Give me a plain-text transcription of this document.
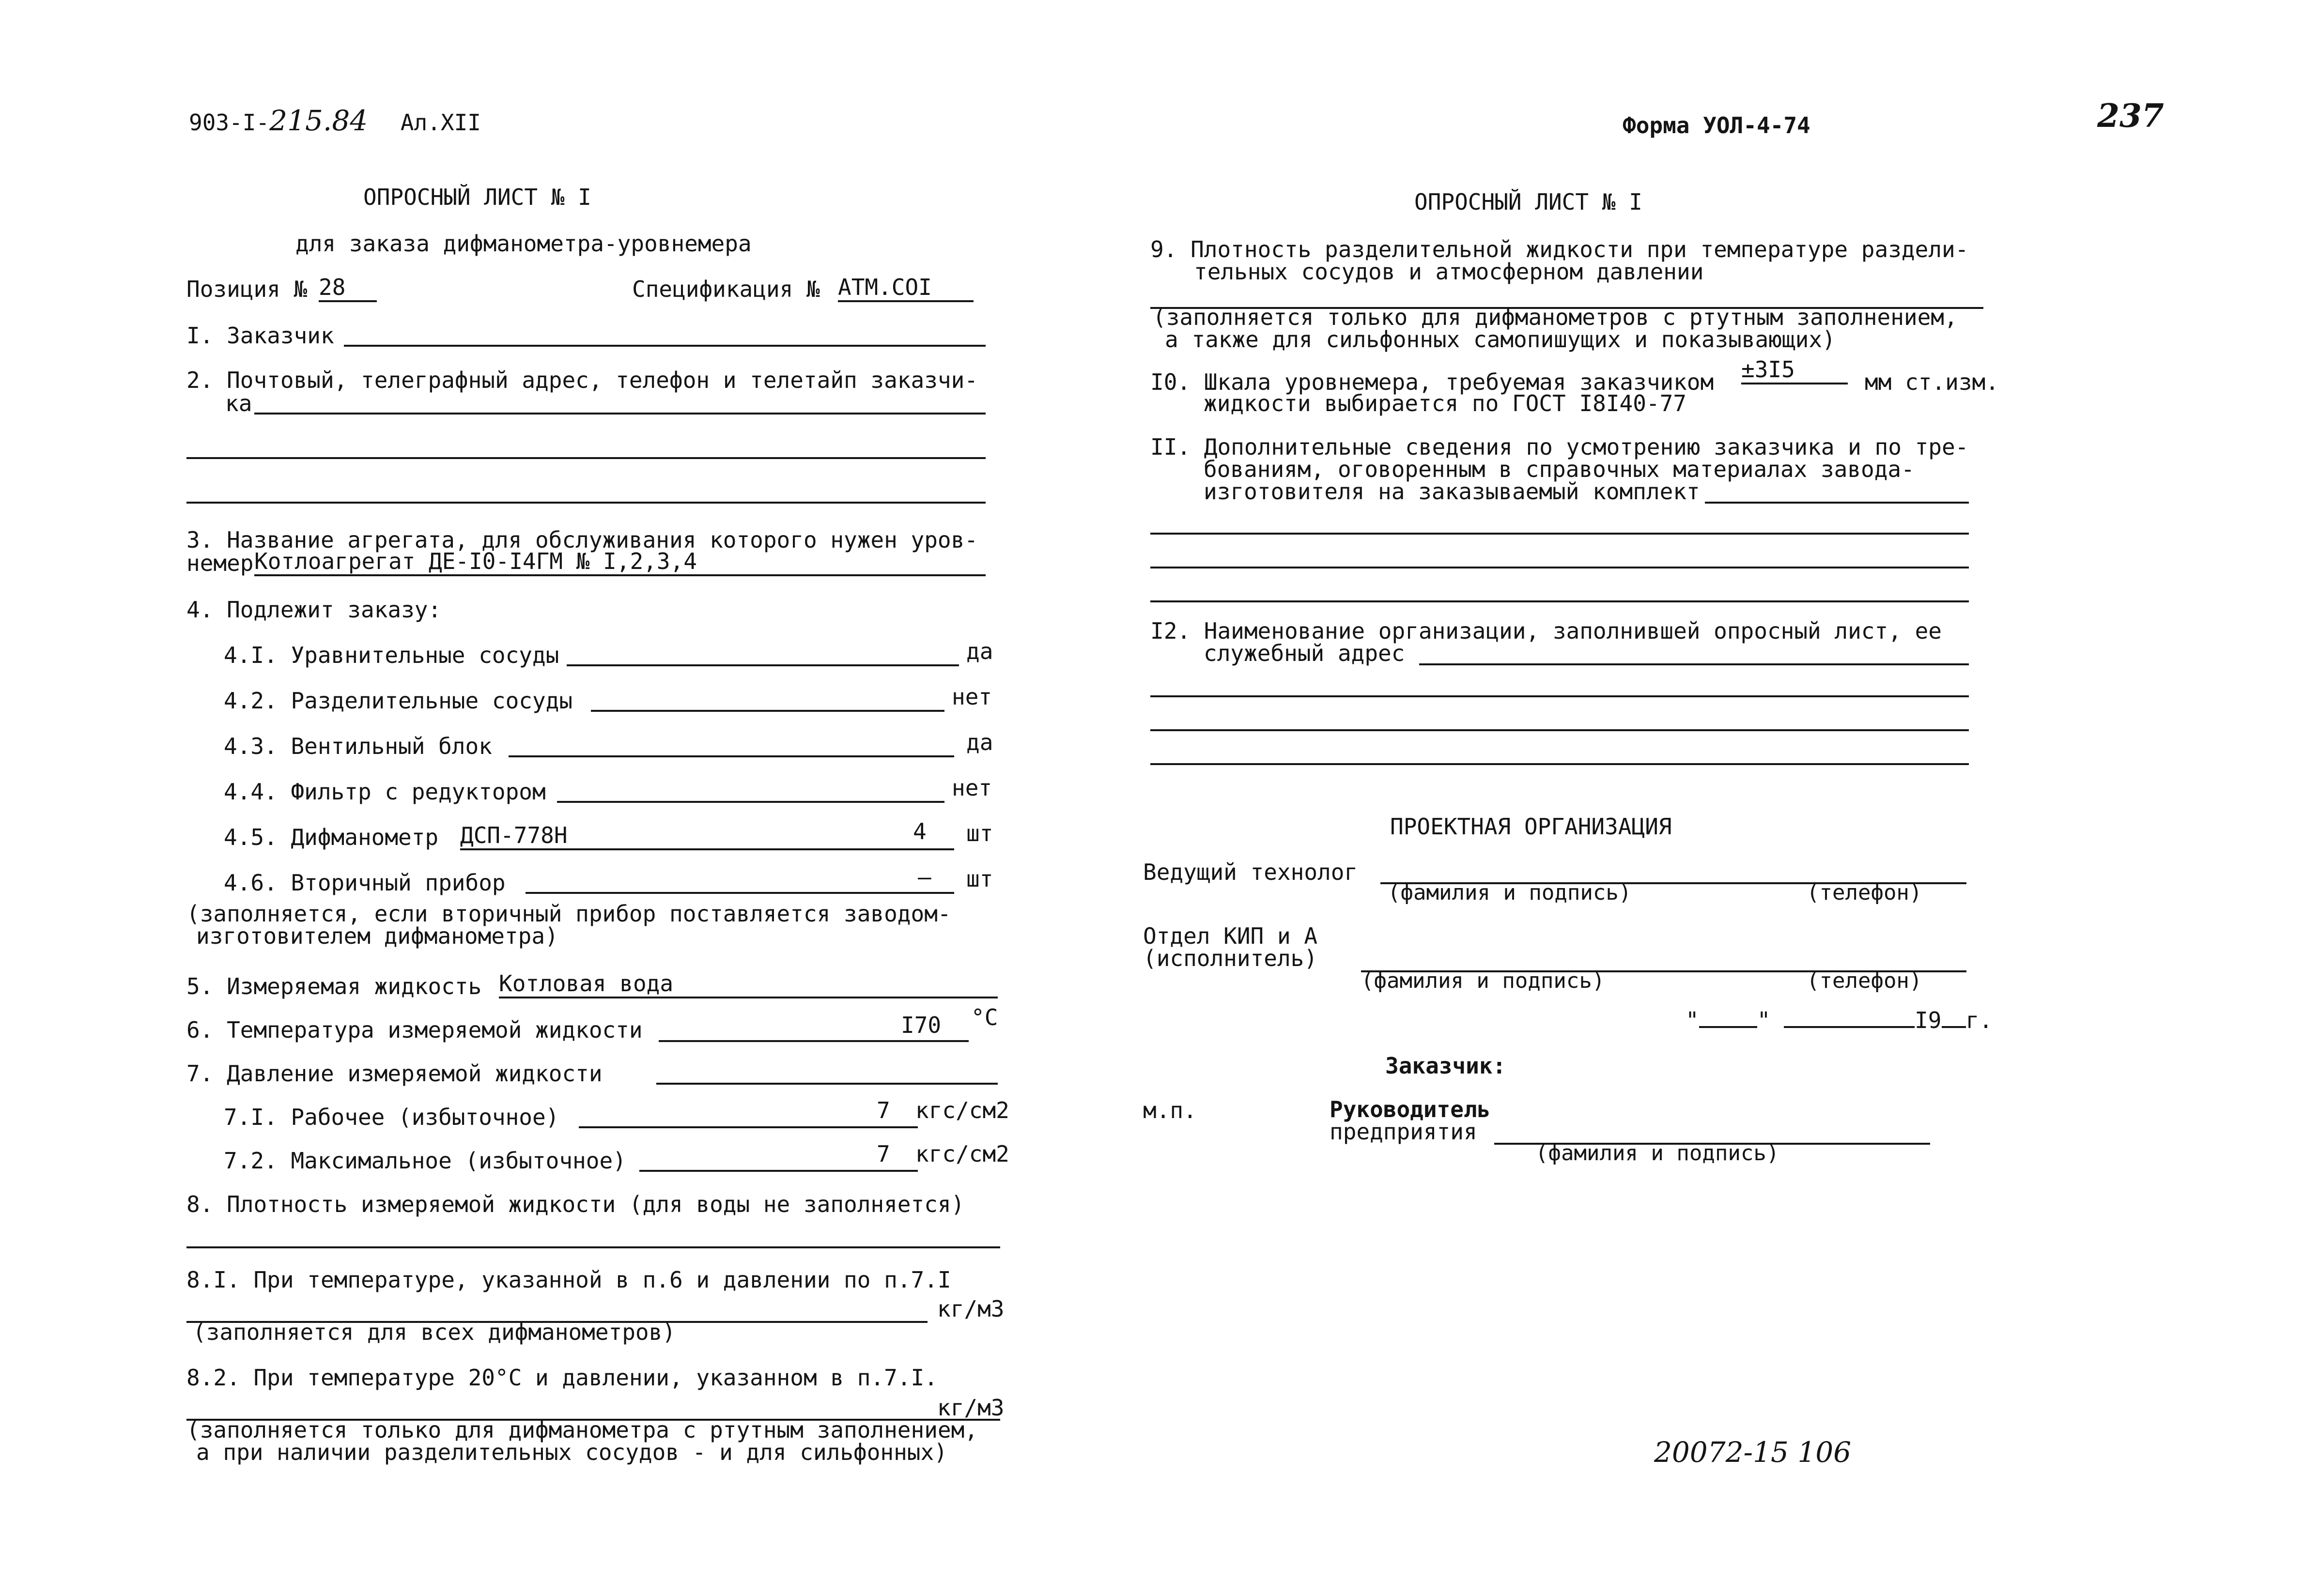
903-I-215.84 Ал.XII	Форма УОЛ-4-74	237
ОПРОСНЫЙ ЛИСТ № I
для заказа дифманометра-уровнемера
Позиция № 28	Спецификация № АТМ.СОI
I. Заказчик
2. Почтовый, телеграфный адрес, телефон и телетайп заказчи-
ка
3. Название агрегата, для обслуживания которого нужен уров-
немер Котлоагрегат ДЕ-I0-I4ГМ № I,2,3,4
4. Подлежит заказу:
4.I. Уравнительные сосуды	да
4.2. Разделительные сосуды	нет
4.3. Вентильный блок	да
4.4. Фильтр с редуктором	нет
4.5. Дифманометр ДСП-778Н	4 шт
4.6. Вторичный прибор	– шт
(заполняется, если вторичный прибор поставляется заводом-
изготовителем дифманометра)
5. Измеряемая жидкость Котловая вода
6. Температура измеряемой жидкости	I70 °С
7. Давление измеряемой жидкости
7.I. Рабочее (избыточное)	7 кгс/см2
7.2. Максимальное (избыточное)	7 кгс/см2
8. Плотность измеряемой жидкости (для воды не заполняется)
8.I. При температуре, указанной в п.6 и давлении по п.7.I
кг/м3
(заполняется для всех дифманометров)
8.2. При температуре 20°С и давлении, указанном в п.7.I.
кг/м3
(заполняется только для дифманометра с ртутным заполнением,
а при наличии разделительных сосудов - и для сильфонных)
ОПРОСНЫЙ ЛИСТ № I
9. Плотность разделительной жидкости при температуре раздели-
тельных сосудов и атмосферном давлении
(заполняется только для дифманометров с ртутным заполнением,
а также для сильфонных самопишущих и показывающих)
I0. Шкала уровнемера, требуемая заказчиком ±3I5	мм ст.изм.
жидкости выбирается по ГОСТ I8I40-77
II. Дополнительные сведения по усмотрению заказчика и по тре-
бованиям, оговоренным в справочных материалах завода-
изготовителя на заказываемый комплект
I2. Наименование организации, заполнившей опросный лист, ее
служебный адрес
ПРОЕКТНАЯ ОРГАНИЗАЦИЯ
Ведущий технолог
(фамилия и подпись)	(телефон)
Отдел КИП и А
(исполнитель)
(фамилия и подпись)	(телефон)
"	"	I9 г.
Заказчик:
м.п.	Руководитель
предприятия
(фамилия и подпись)
20072-15 106
